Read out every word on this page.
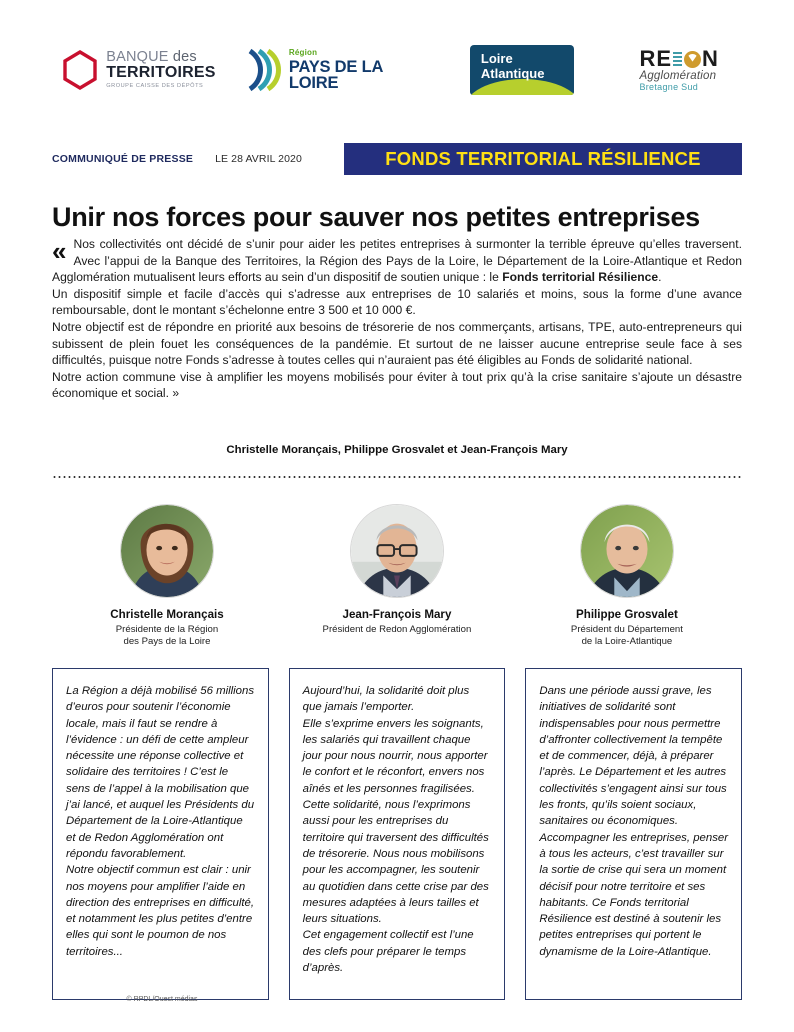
BANQUE des
TERRITOIRES
GROUPE CAISSE DES DÉPÔTS
Région
PAYS DE LA LOIRE
Loire
Atlantique
RE N
Agglomération
Bretagne Sud
COMMUNIQUÉ DE PRESSE LE 28 AVRIL 2020	FONDS TERRITORIAL RÉSILIENCE
Unir nos forces pour sauver nos petites entreprises

« Nos collectivités ont décidé de s’unir pour aider les petites entreprises à surmonter la terrible épreuve qu’elles traversent. Avec l’appui de la Banque des Territoires, la Région des Pays de la Loire, le Département de la Loire-Atlantique et Redon Agglomération mutualisent leurs efforts au sein d’un dispositif de soutien unique : le Fonds territorial Résilience.

Un dispositif simple et facile d’accès qui s’adresse aux entreprises de 10 salariés et moins, sous la forme d’une avance remboursable, dont le montant s’échelonne entre 3 500 et 10 000 €.

Notre objectif est de répondre en priorité aux besoins de trésorerie de nos commerçants, artisans, TPE, auto-entrepreneurs qui subissent de plein fouet les conséquences de la pandémie. Et surtout de ne laisser aucune entreprise seule face à ses difficultés, puisque notre Fonds s’adresse à toutes celles qui n’auraient pas été éligibles au Fonds de solidarité national.

Notre action commune vise à amplifier les moyens mobilisés pour éviter à tout prix qu’à la crise sanitaire s’ajoute un désastre économique et social. »

Christelle Morançais, Philippe Grosvalet et Jean-François Mary
Christelle Morançais
Présidente de la Région
des Pays de la Loire
Jean-François Mary
Président de Redon Agglomération
Philippe Grosvalet
Président du Département
de la Loire-Atlantique

La Région a déjà mobilisé 56 millions d’euros pour soutenir l’économie locale, mais il faut se rendre à l’évidence : un défi de cette ampleur nécessite une réponse collective et solidaire des territoires ! C’est le sens de l’appel à la mobilisation que j’ai lancé, et auquel les Présidents du Département de la Loire-Atlantique et de Redon Agglomération ont répondu favorablement.
Notre objectif commun est clair : unir nos moyens pour amplifier l’aide en direction des entreprises en difficulté, et notamment les plus petites d’entre elles qui sont le poumon de nos territoires...

Aujourd’hui, la solidarité doit plus que jamais l’emporter.
Elle s’exprime envers les soignants, les salariés qui travaillent chaque jour pour nous nourrir, nous apporter le confort et le réconfort, envers nos aînés et les personnes fragilisées.
Cette solidarité, nous l’exprimons aussi pour les entreprises du territoire qui traversent des difficultés de trésorerie. Nous nous mobilisons pour les accompagner, les soutenir au quotidien dans cette crise par des mesures adaptées à leurs tailles et leurs situations.
Cet engagement collectif est l’une des clefs pour préparer le temps d’après.

Dans une période aussi grave, les initiatives de solidarité sont indispensables pour nous permettre d’affronter collectivement la tempête et de commencer, déjà, à préparer l’après. Le Département et les autres collectivités s’engagent ainsi sur tous les fronts, qu’ils soient sociaux, sanitaires ou économiques. Accompagner les entreprises, penser à tous les acteurs, c’est travailler sur la sortie de crise qui sera un moment décisif pour notre territoire et ses habitants. Ce Fonds territorial Résilience est destiné à soutenir les petites entreprises qui portent le dynamisme de la Loire-Atlantique.

© RPDL/Ouest médias
